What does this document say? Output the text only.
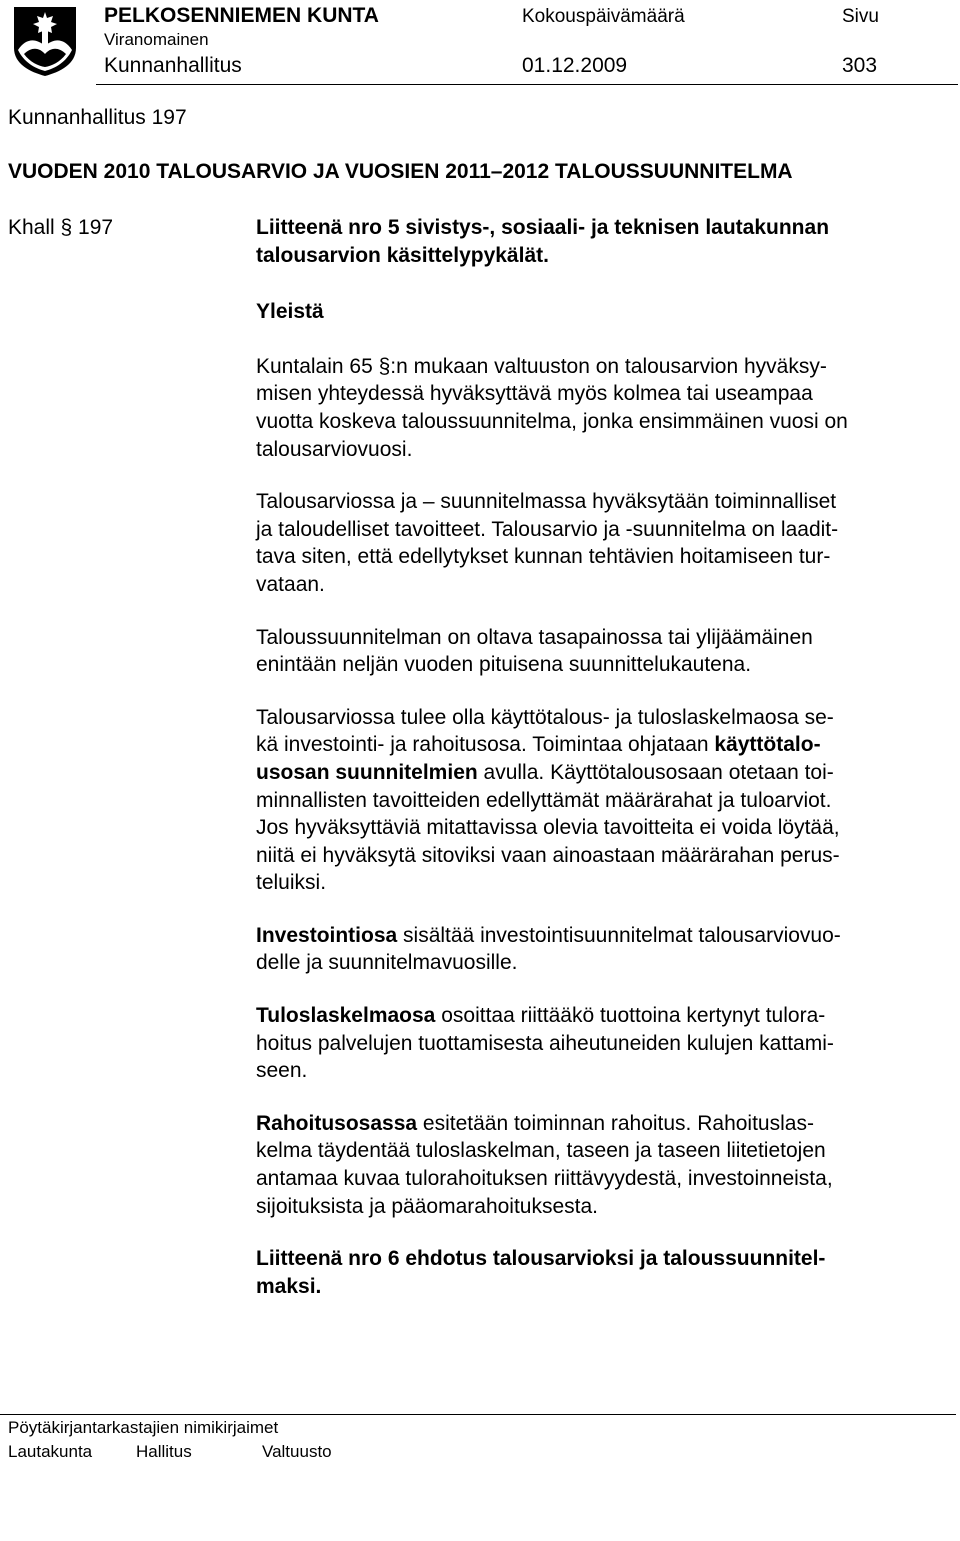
PELKOSENNIEMEN KUNTA
Viranomainen
Kunnanhallitus
Kokouspäivämäärä
01.12.2009
Sivu
303
Kunnanhallitus 197
VUODEN 2010 TALOUSARVIO JA VUOSIEN 2011–2012 TALOUSSUUNNITELMA
Khall § 197	Liitteenä nro 5 sivistys-, sosiaali- ja teknisen lautakunnan
talousarvion käsittelypykälät.
Yleistä
Kuntalain 65 §:n mukaan valtuuston on talousarvion hyväksy-
misen yhteydessä hyväksyttävä myös kolmea tai useampaa
vuotta koskeva taloussuunnitelma, jonka ensimmäinen vuosi on
talousarviovuosi.
Talousarviossa ja – suunnitelmassa hyväksytään toiminnalliset
ja taloudelliset tavoitteet. Talousarvio ja -suunnitelma on laadit-
tava siten, että edellytykset kunnan tehtävien hoitamiseen tur-
vataan.
Taloussuunnitelman on oltava tasapainossa tai ylijäämäinen
enintään neljän vuoden pituisena suunnittelukautena.
Talousarviossa tulee olla käyttötalous- ja tuloslaskelmaosa se-
kä investointi- ja rahoitusosa. Toimintaa ohjataan käyttötalo-
usosan suunnitelmien avulla. Käyttötalousosaan otetaan toi-
minnallisten tavoitteiden edellyttämät määrärahat ja tuloarviot.
Jos hyväksyttäviä mitattavissa olevia tavoitteita ei voida löytää,
niitä ei hyväksytä sitoviksi vaan ainoastaan määrärahan perus-
teluiksi.
Investointiosa sisältää investointisuunnitelmat talousarviovuo-
delle ja suunnitelmavuosille.
Tuloslaskelmaosa osoittaa riittääkö tuottoina kertynyt tulora-
hoitus palvelujen tuottamisesta aiheutuneiden kulujen kattami-
seen.
Rahoitusosassa esitetään toiminnan rahoitus. Rahoituslas-
kelma täydentää tuloslaskelman, taseen ja taseen liitetietojen
antamaa kuvaa tulorahoituksen riittävyydestä, investoinneista,
sijoituksista ja pääomarahoituksesta.
Liitteenä nro 6 ehdotus talousarvioksi ja taloussuunnitel-
maksi.
Pöytäkirjantarkastajien nimikirjaimet
Lautakunta	Hallitus	Valtuusto
